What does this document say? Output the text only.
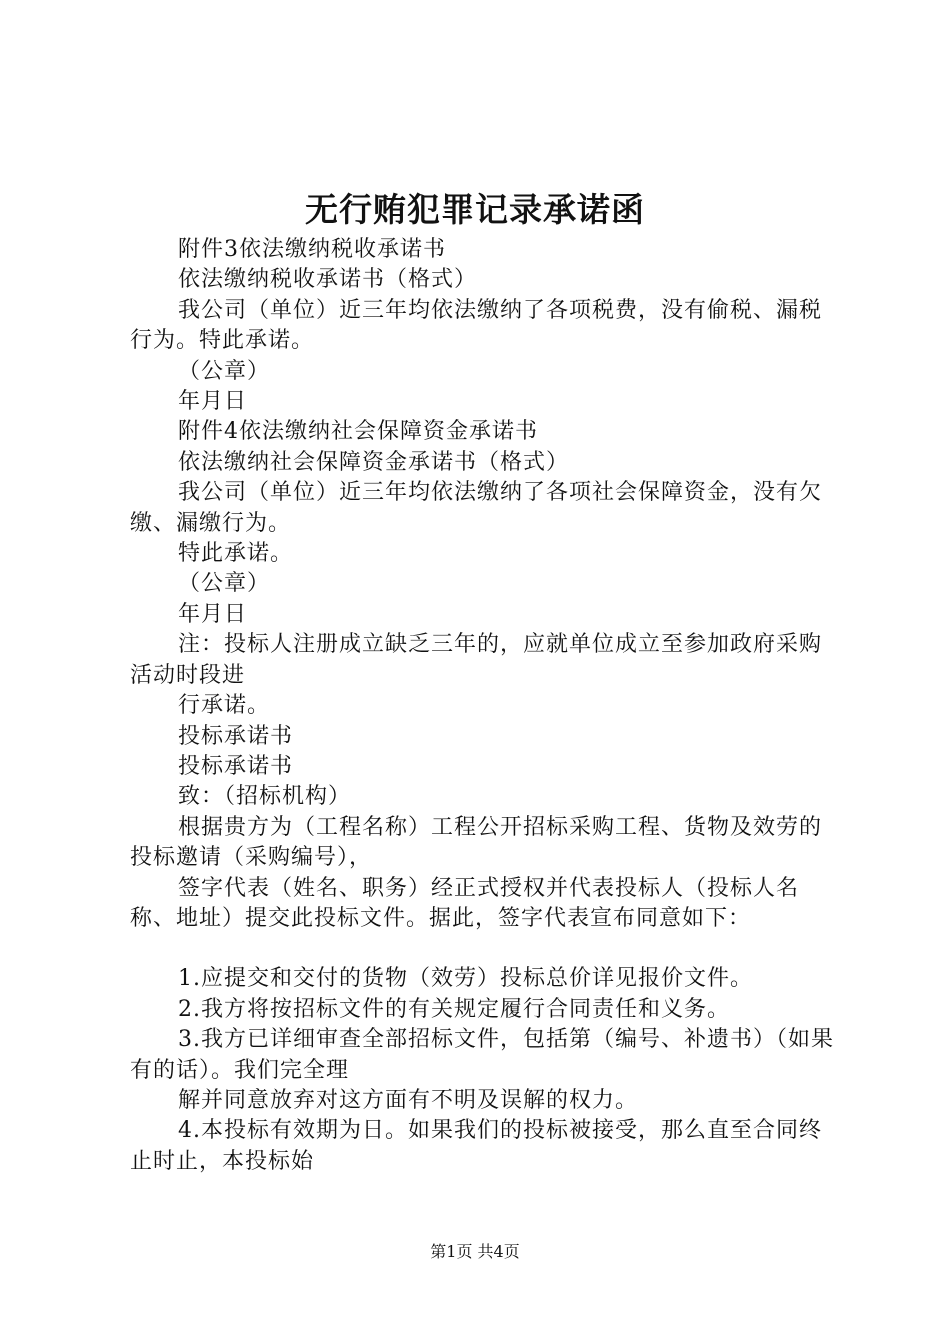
无行贿犯罪记录承诺函

附件3依法缴纳税收承诺书

依法缴纳税收承诺书（格式）

我公司（单位）近三年均依法缴纳了各项税费，没有偷税、漏税行为。特此承诺。

（公章）

年月日

附件4依法缴纳社会保障资金承诺书

依法缴纳社会保障资金承诺书（格式）

我公司（单位）近三年均依法缴纳了各项社会保障资金，没有欠缴、漏缴行为。

特此承诺。

（公章）

年月日

注：投标人注册成立缺乏三年的，应就单位成立至参加政府采购活动时段进

行承诺。

投标承诺书

投标承诺书

致：（招标机构）

根据贵方为（工程名称）工程公开招标采购工程、货物及效劳的投标邀请（采购编号），

签字代表（姓名、职务）经正式授权并代表投标人（投标人名称、地址）提交此投标文件。据此，签字代表宣布同意如下：

1.应提交和交付的货物（效劳）投标总价详见报价文件。

2.我方将按招标文件的有关规定履行合同责任和义务。

3.我方已详细审查全部招标文件，包括第（编号、补遗书）（如果有的话）。我们完全理

解并同意放弃对这方面有不明及误解的权力。

4.本投标有效期为日。如果我们的投标被接受，那么直至合同终止时止，本投标始

第1页 共4页
